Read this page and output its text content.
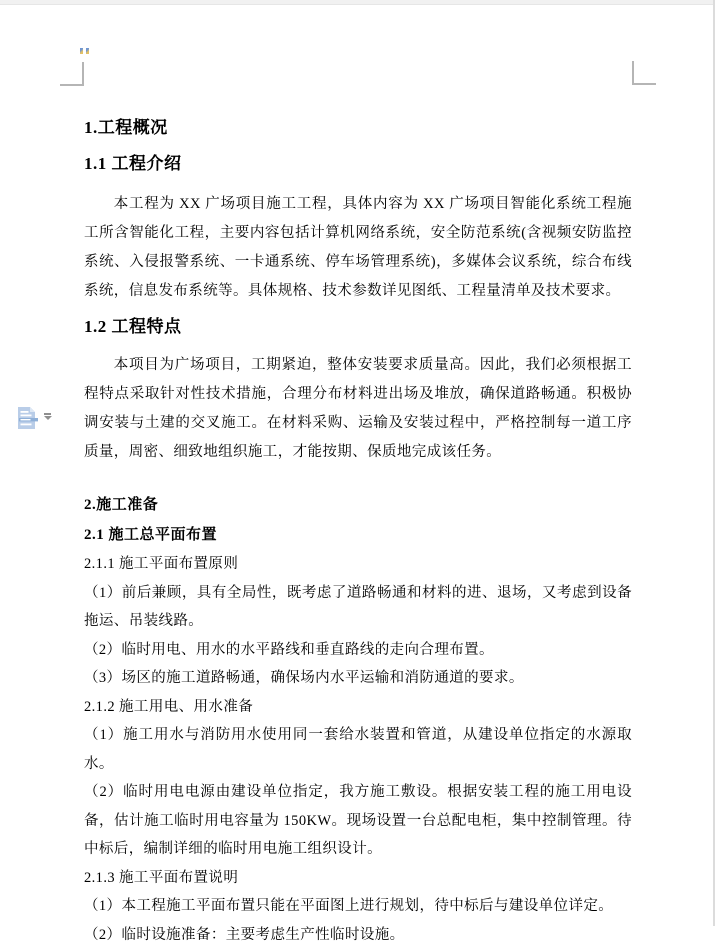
1.工程概况
1.1 工程介绍
本工程为 XX 广场项目施工工程，具体内容为 XX 广场项目智能化系统工程施工所含智能化工程，主要内容包括计算机网络系统，安全防范系统(含视频安防监控系统、入侵报警系统、一卡通系统、停车场管理系统)，多媒体会议系统，综合布线系统，信息发布系统等。具体规格、技术参数详见图纸、工程量清单及技术要求。
1.2 工程特点
本项目为广场项目，工期紧迫，整体安装要求质量高。因此，我们必须根据工程特点采取针对性技术措施，合理分布材料进出场及堆放，确保道路畅通。积极协调安装与土建的交叉施工。在材料采购、运输及安装过程中，严格控制每一道工序质量，周密、细致地组织施工，才能按期、保质地完成该任务。
2.施工准备
2.1 施工总平面布置
2.1.1 施工平面布置原则
（1）前后兼顾，具有全局性，既考虑了道路畅通和材料的进、退场，又考虑到设备拖运、吊装线路。
（2）临时用电、用水的水平路线和垂直路线的走向合理布置。
（3）场区的施工道路畅通，确保场内水平运输和消防通道的要求。
2.1.2 施工用电、用水准备
（1）施工用水与消防用水使用同一套给水装置和管道，从建设单位指定的水源取水。
（2）临时用电电源由建设单位指定，我方施工敷设。根据安装工程的施工用电设备，估计施工临时用电容量为 150KW。现场设置一台总配电柜，集中控制管理。待中标后，编制详细的临时用电施工组织设计。
2.1.3 施工平面布置说明
（1）本工程施工平面布置只能在平面图上进行规划，待中标后与建设单位详定。
（2）临时设施准备：主要考虑生产性临时设施。
